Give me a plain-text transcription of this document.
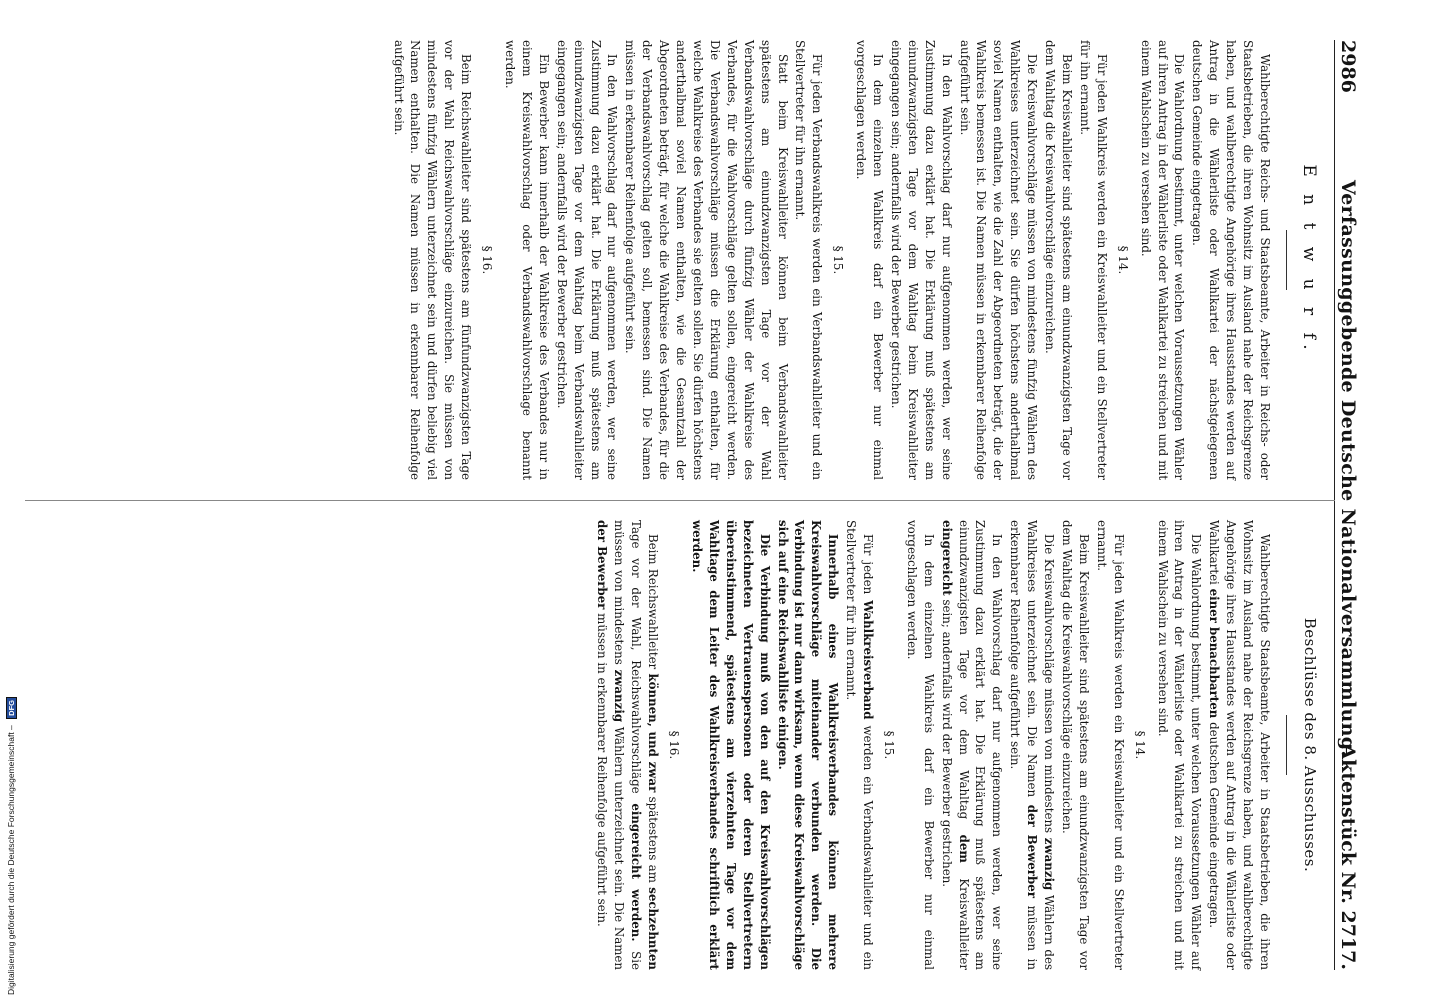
2986
Verfassunggebende Deutsche Nationalversammlung.
Aktenstück Nr. 2717.
E n t w u r f.
Beschlüsse des 8. Ausschusses.

Wahlberechtigte Reichs- und Staatsbeamte, Arbeiter in Reichs- oder Staatsbetrieben, die ihren Wohnsitz im Ausland nahe der Reichsgrenze haben, und wahlberechtigte Angehörige ihres Hausstandes werden auf Antrag in die Wählerliste oder Wahlkartei der nächstgelegenen deutschen Gemeinde eingetragen.

Die Wahlordnung bestimmt, unter welchen Voraussetzungen Wähler auf ihren Antrag in der Wählerliste oder Wahlkartei zu streichen und mit einem Wahlschein zu versehen sind.

§ 14.

Für jeden Wahlkreis werden ein Kreiswahlleiter und ein Stellvertreter für ihn ernannt.

Beim Kreiswahlleiter sind spätestens am einundzwanzigsten Tage vor dem Wahltag die Kreiswahlvorschläge einzureichen.

Die Kreiswahlvorschläge müssen von mindestens fünfzig Wählern des Wahlkreises unterzeichnet sein. Sie dürfen höchstens anderthalbmal soviel Namen enthalten, wie die Zahl der Abgeordneten beträgt, die der Wahlkreis bemessen ist. Die Namen müssen in erkennbarer Reihenfolge aufgeführt sein.

In den Wahlvorschlag darf nur aufgenommen werden, wer seine Zustimmung dazu erklärt hat. Die Erklärung muß spätestens am einundzwanzigsten Tage vor dem Wahltag beim Kreiswahlleiter eingegangen sein; andernfalls wird der Bewerber gestrichen.

In dem einzelnen Wahlkreis darf ein Bewerber nur einmal vorgeschlagen werden.

§ 15.

Für jeden Verbandswahlkreis werden ein Verbandswahlleiter und ein Stellvertreter für ihn ernannt.

Statt beim Kreiswahlleiter können beim Verbandswahlleiter spätestens am einundzwanzigsten Tage vor der Wahl Verbandswahlvorschläge durch fünfzig Wähler der Wahlkreise des Verbandes, für die Wahlvorschläge gelten sollen, eingereicht werden. Die Verbandswahlvorschläge müssen die Erklärung enthalten, für welche Wahlkreise des Verbandes sie gelten sollen. Sie dürfen höchstens anderthalbmal soviel Namen enthalten, wie die Gesamtzahl der Abgeordneten beträgt, für welche die Wahlkreise des Verbandes, für die der Verbandswahlvorschlag gelten soll, bemessen sind. Die Namen müssen in erkennbarer Reihenfolge aufgeführt sein.

In den Wahlvorschlag darf nur aufgenommen werden, wer seine Zustimmung dazu erklärt hat. Die Erklärung muß spätestens am einundzwanzigsten Tage vor dem Wahltag beim Verbandswahlleiter eingegangen sein; andernfalls wird der Bewerber gestrichen.

Ein Bewerber kann innerhalb der Wahlkreise des Verbandes nur in einem Kreiswahlvorschlag oder Verbandswahlvorschlage benannt werden.

§ 16.

Beim Reichswahlleiter sind spätestens am fünfundzwanzigsten Tage vor der Wahl Reichswahlvorschläge einzureichen. Sie müssen von mindestens fünfzig Wählern unterzeichnet sein und dürfen beliebig viel Namen enthalten. Die Namen müssen in erkennbarer Reihenfolge aufgeführt sein.

Wahlberechtigte Staatsbeamte, Arbeiter in Staatsbetrieben, die ihren Wohnsitz im Ausland nahe der Reichsgrenze haben, und wahlberechtigte Angehörige ihres Hausstandes werden auf Antrag in die Wählerliste oder Wahlkartei einer benachbarten deutschen Gemeinde eingetragen.

Die Wahlordnung bestimmt, unter welchen Voraussetzungen Wähler auf ihren Antrag in der Wählerliste oder Wahlkartei zu streichen und mit einem Wahlschein zu versehen sind.

§ 14.

Für jeden Wahlkreis werden ein Kreiswahlleiter und ein Stellvertreter ernannt.

Beim Kreiswahlleiter sind spätestens am einundzwanzigsten Tage vor dem Wahltag die Kreiswahlvorschläge einzureichen.

Die Kreiswahlvorschläge müssen von mindestens zwanzig Wählern des Wahlkreises unterzeichnet sein. Die Namen der Bewerber müssen in erkennbarer Reihenfolge aufgeführt sein.

In den Wahlvorschlag darf nur aufgenommen werden, wer seine Zustimmung dazu erklärt hat. Die Erklärung muß spätestens am einundzwanzigsten Tage vor dem Wahltag dem Kreiswahlleiter eingereicht sein; andernfalls wird der Bewerber gestrichen.

In dem einzelnen Wahlkreis darf ein Bewerber nur einmal vorgeschlagen werden.

§ 15.

Für jeden Wahlkreisverband werden ein Verbandswahlleiter und ein Stellvertreter für ihn ernannt.

Innerhalb eines Wahlkreisverbandes können mehrere Kreiswahlvorschläge miteinander verbunden werden. Die Verbindung ist nur dann wirksam, wenn diese Kreiswahlvorschläge sich auf eine Reichswahlliste einigen.

Die Verbindung muß von den auf den Kreiswahlvorschlägen bezeichneten Vertrauenspersonen oder deren Stellvertretern übereinstimmend, spätestens am vierzehnten Tage vor dem Wahltage dem Leiter des Wahlkreisverbandes schriftlich erklärt werden.

§ 16.

Beim Reichswahlleiter können, und zwar spätestens am sechzehnten Tage vor der Wahl, Reichswahlvorschläge eingereicht werden. Sie müssen von mindestens zwanzig Wählern unterzeichnet sein. Die Namen der Bewerber müssen in erkennbarer Reihenfolge aufgeführt sein.

Digitalisierung gefördert durch die Deutsche Forschungsgemeinschaft – DFG
